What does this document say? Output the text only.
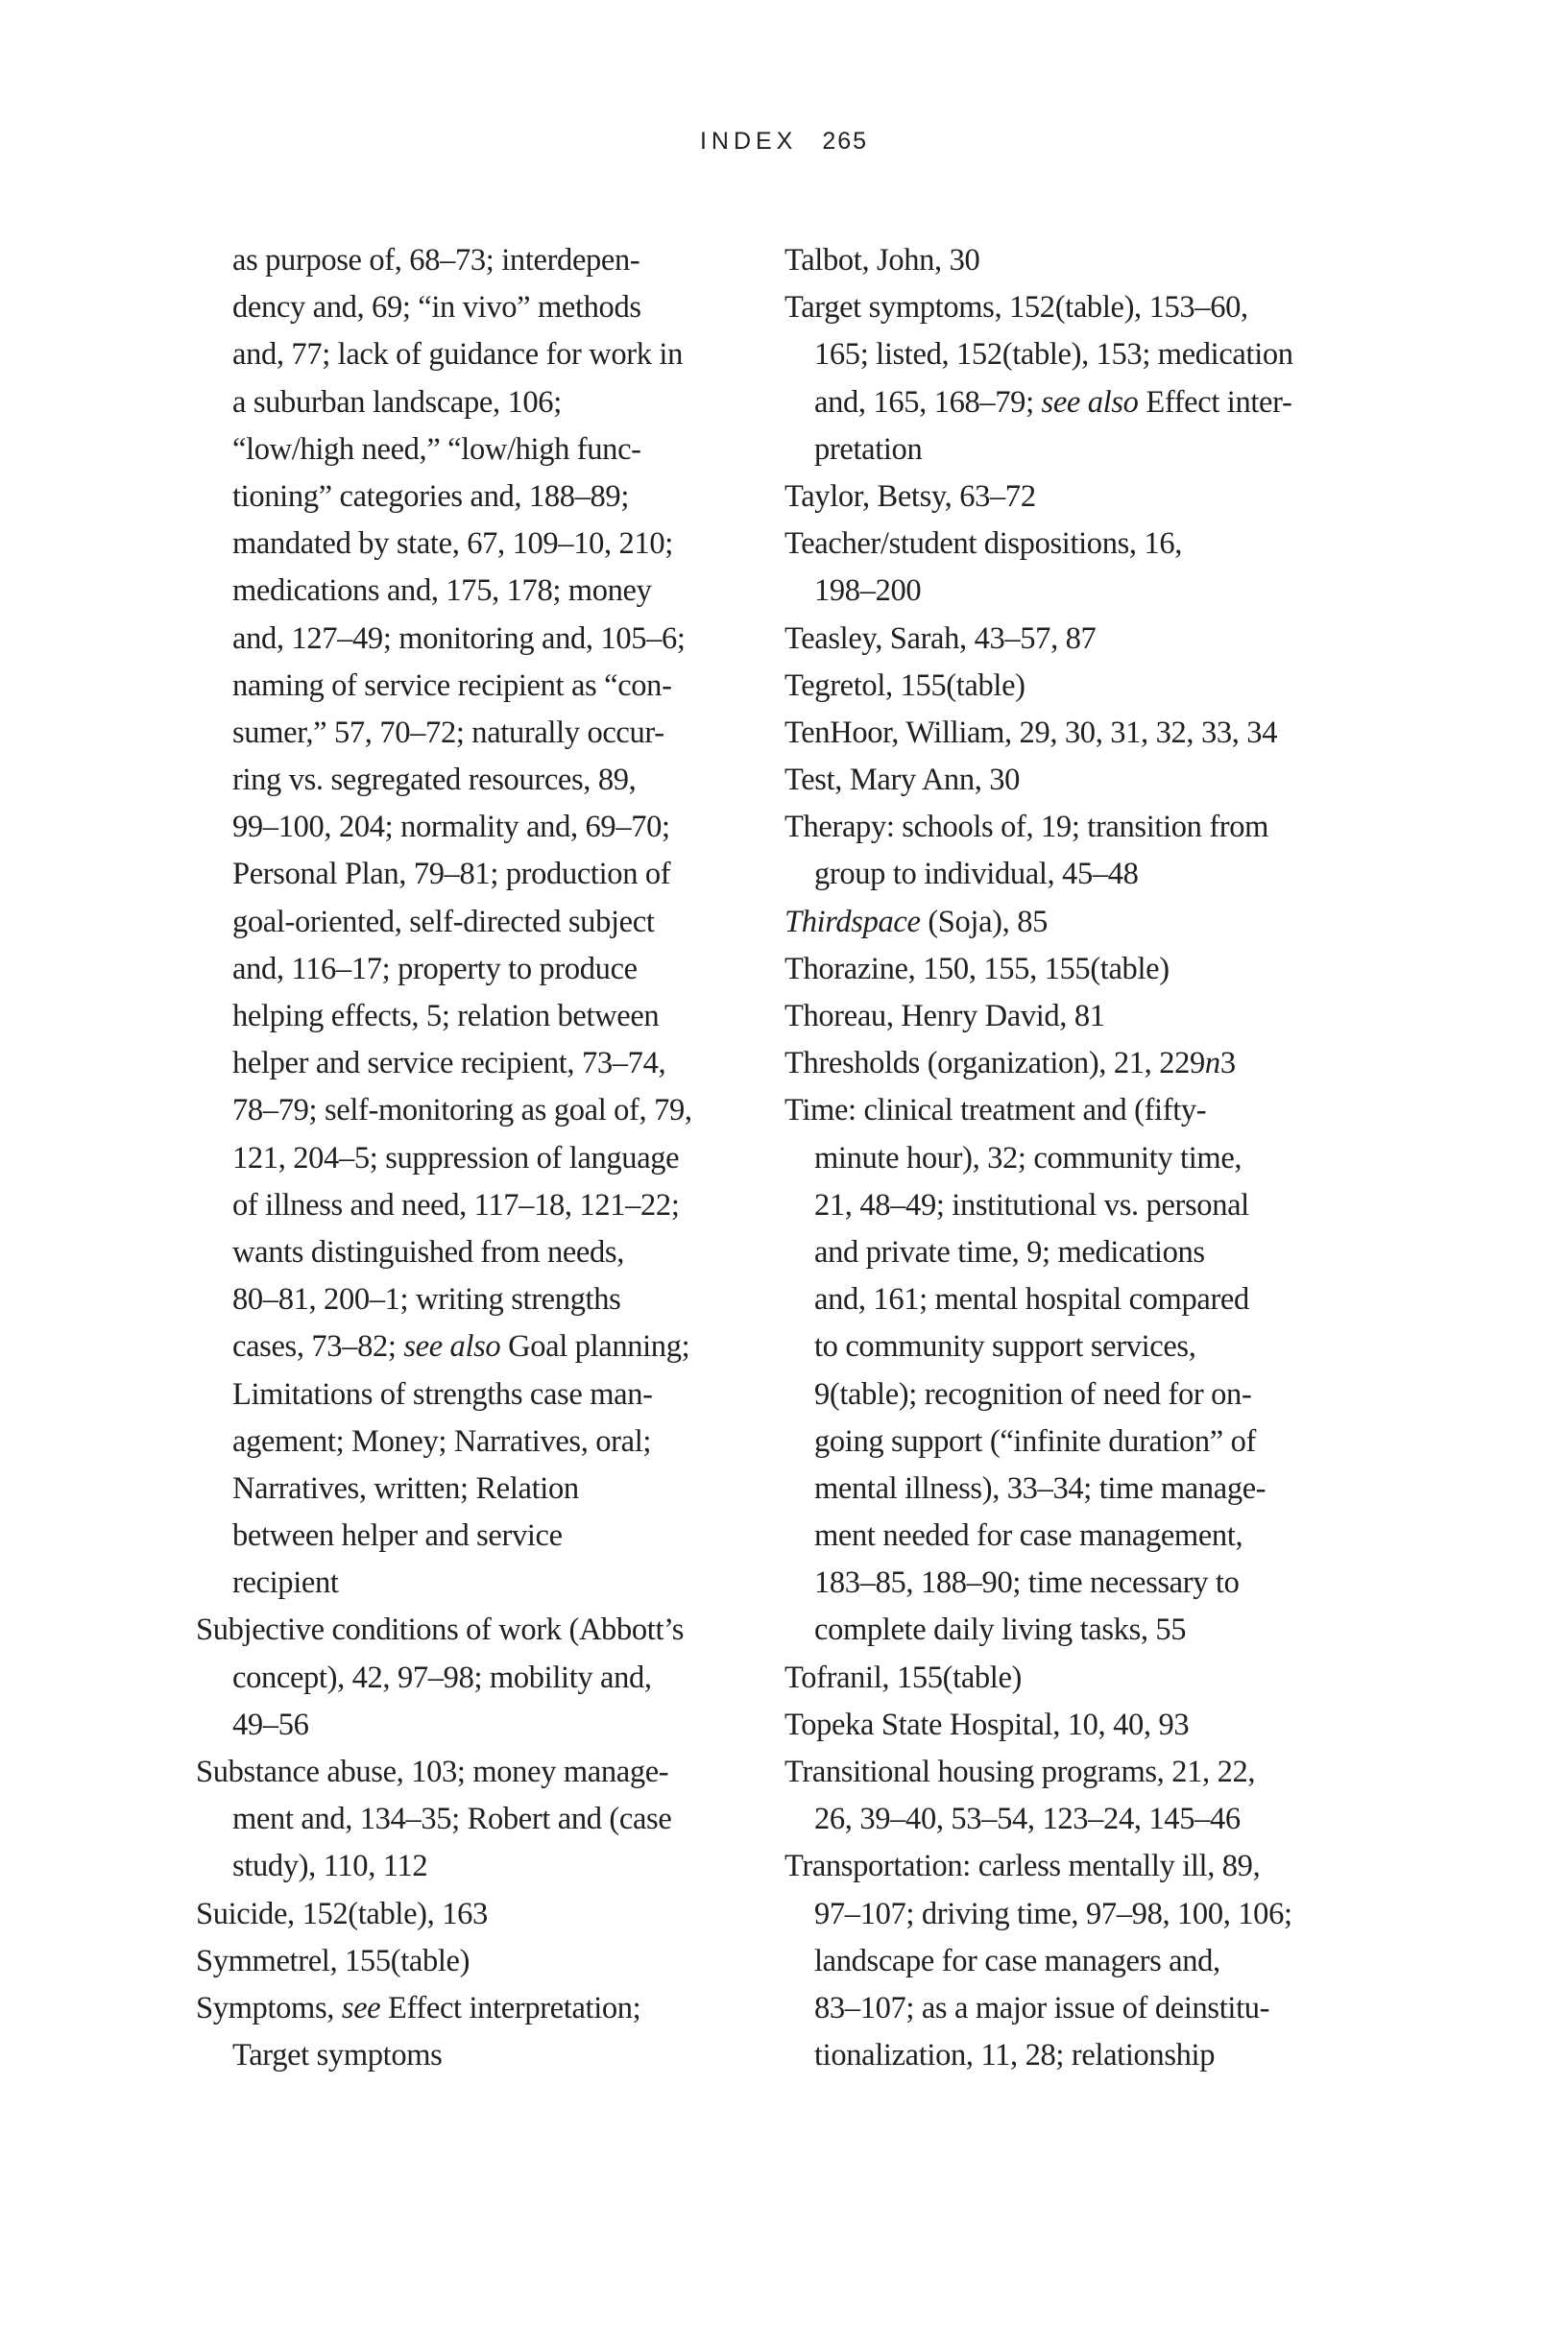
INDEX 265
as purpose of, 68–73; interdepen-
dency and, 69; “in vivo” methods
and, 77; lack of guidance for work in
a suburban landscape, 106;
“low/high need,” “low/high func-
tioning” categories and, 188–89;
mandated by state, 67, 109–10, 210;
medications and, 175, 178; money
and, 127–49; monitoring and, 105–6;
naming of service recipient as “con-
sumer,” 57, 70–72; naturally occur-
ring vs. segregated resources, 89,
99–100, 204; normality and, 69–70;
Personal Plan, 79–81; production of
goal-oriented, self-directed subject
and, 116–17; property to produce
helping effects, 5; relation between
helper and service recipient, 73–74,
78–79; self-monitoring as goal of, 79,
121, 204–5; suppression of language
of illness and need, 117–18, 121–22;
wants distinguished from needs,
80–81, 200–1; writing strengths
cases, 73–82; see also Goal planning;
Limitations of strengths case man-
agement; Money; Narratives, oral;
Narratives, written; Relation
between helper and service
recipient
Subjective conditions of work (Abbott’s
concept), 42, 97–98; mobility and,
49–56
Substance abuse, 103; money manage-
ment and, 134–35; Robert and (case
study), 110, 112
Suicide, 152(table), 163
Symmetrel, 155(table)
Symptoms, see Effect interpretation;
Target symptoms
Talbot, John, 30
Target symptoms, 152(table), 153–60,
165; listed, 152(table), 153; medication
and, 165, 168–79; see also Effect inter-
pretation
Taylor, Betsy, 63–72
Teacher/student dispositions, 16,
198–200
Teasley, Sarah, 43–57, 87
Tegretol, 155(table)
TenHoor, William, 29, 30, 31, 32, 33, 34
Test, Mary Ann, 30
Therapy: schools of, 19; transition from
group to individual, 45–48
Thirdspace (Soja), 85
Thorazine, 150, 155, 155(table)
Thoreau, Henry David, 81
Thresholds (organization), 21, 229n3
Time: clinical treatment and (fifty-
minute hour), 32; community time,
21, 48–49; institutional vs. personal
and private time, 9; medications
and, 161; mental hospital compared
to community support services,
9(table); recognition of need for on-
going support (“infinite duration” of
mental illness), 33–34; time manage-
ment needed for case management,
183–85, 188–90; time necessary to
complete daily living tasks, 55
Tofranil, 155(table)
Topeka State Hospital, 10, 40, 93
Transitional housing programs, 21, 22,
26, 39–40, 53–54, 123–24, 145–46
Transportation: carless mentally ill, 89,
97–107; driving time, 97–98, 100, 106;
landscape for case managers and,
83–107; as a major issue of deinstitu-
tionalization, 11, 28; relationship
